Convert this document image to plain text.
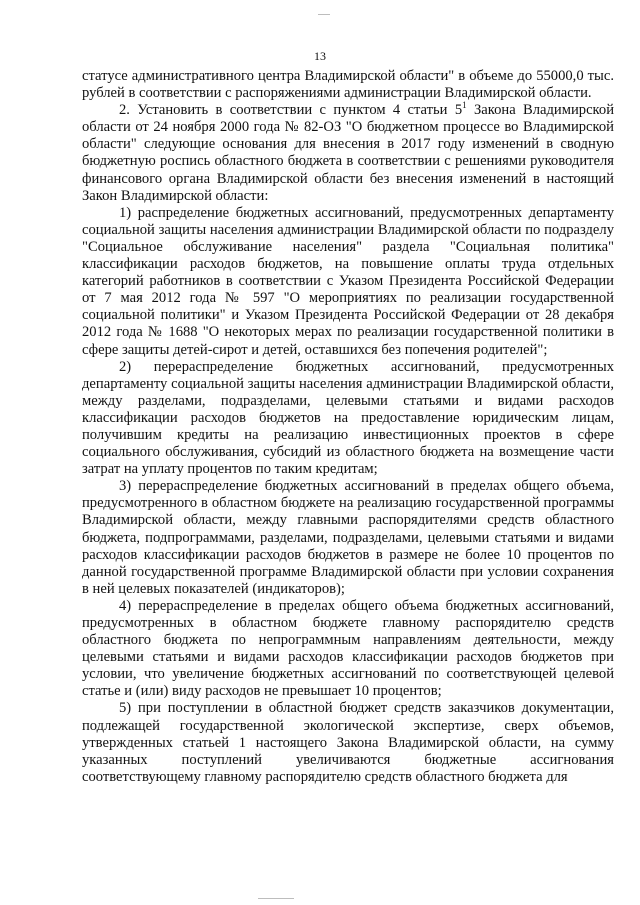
13

статусе административного центра Владимирской области" в объеме до 55000,0 тыс. рублей в соответствии с распоряжениями администрации Владимирской области.

2. Установить в соответствии с пунктом 4 статьи $5^1$ Закона Владимирской области от 24 ноября 2000 года № 82-ОЗ "О бюджетном процессе во Владимирской области" следующие основания для внесения в 2017 году изменений в сводную бюджетную роспись областного бюджета в соответствии с решениями руководителя финансового органа Владимирской области без внесения изменений в настоящий Закон Владимирской области:

1) распределение бюджетных ассигнований, предусмотренных департаменту социальной защиты населения администрации Владимирской области по подразделу "Социальное обслуживание населения" раздела "Социальная политика" классификации расходов бюджетов, на повышение оплаты труда отдельных категорий работников в соответствии с Указом Президента Российской Федерации от 7 мая 2012 года № 597 "О мероприятиях по реализации государственной социальной политики" и Указом Президента Российской Федерации от 28 декабря 2012 года № 1688 "О некоторых мерах по реализации государственной политики в сфере защиты детей-сирот и детей, оставшихся без попечения родителей";

2) перераспределение бюджетных ассигнований, предусмотренных департаменту социальной защиты населения администрации Владимирской области, между разделами, подразделами, целевыми статьями и видами расходов классификации расходов бюджетов на предоставление юридическим лицам, получившим кредиты на реализацию инвестиционных проектов в сфере социального обслуживания, субсидий из областного бюджета на возмещение части затрат на уплату процентов по таким кредитам;

3) перераспределение бюджетных ассигнований в пределах общего объема, предусмотренного в областном бюджете на реализацию государственной программы Владимирской области, между главными распорядителями средств областного бюджета, подпрограммами, разделами, подразделами, целевыми статьями и видами расходов классификации расходов бюджетов в размере не более 10 процентов по данной государственной программе Владимирской области при условии сохранения в ней целевых показателей (индикаторов);

4) перераспределение в пределах общего объема бюджетных ассигнований, предусмотренных в областном бюджете главному распорядителю средств областного бюджета по непрограммным направлениям деятельности, между целевыми статьями и видами расходов классификации расходов бюджетов при условии, что увеличение бюджетных ассигнований по соответствующей целевой статье и (или) виду расходов не превышает 10 процентов;

5) при поступлении в областной бюджет средств заказчиков документации, подлежащей государственной экологической экспертизе, сверх объемов, утвержденных статьей 1 настоящего Закона Владимирской области, на сумму указанных поступлений увеличиваются бюджетные ассигнования соответствующему главному распорядителю средств областного бюджета для
